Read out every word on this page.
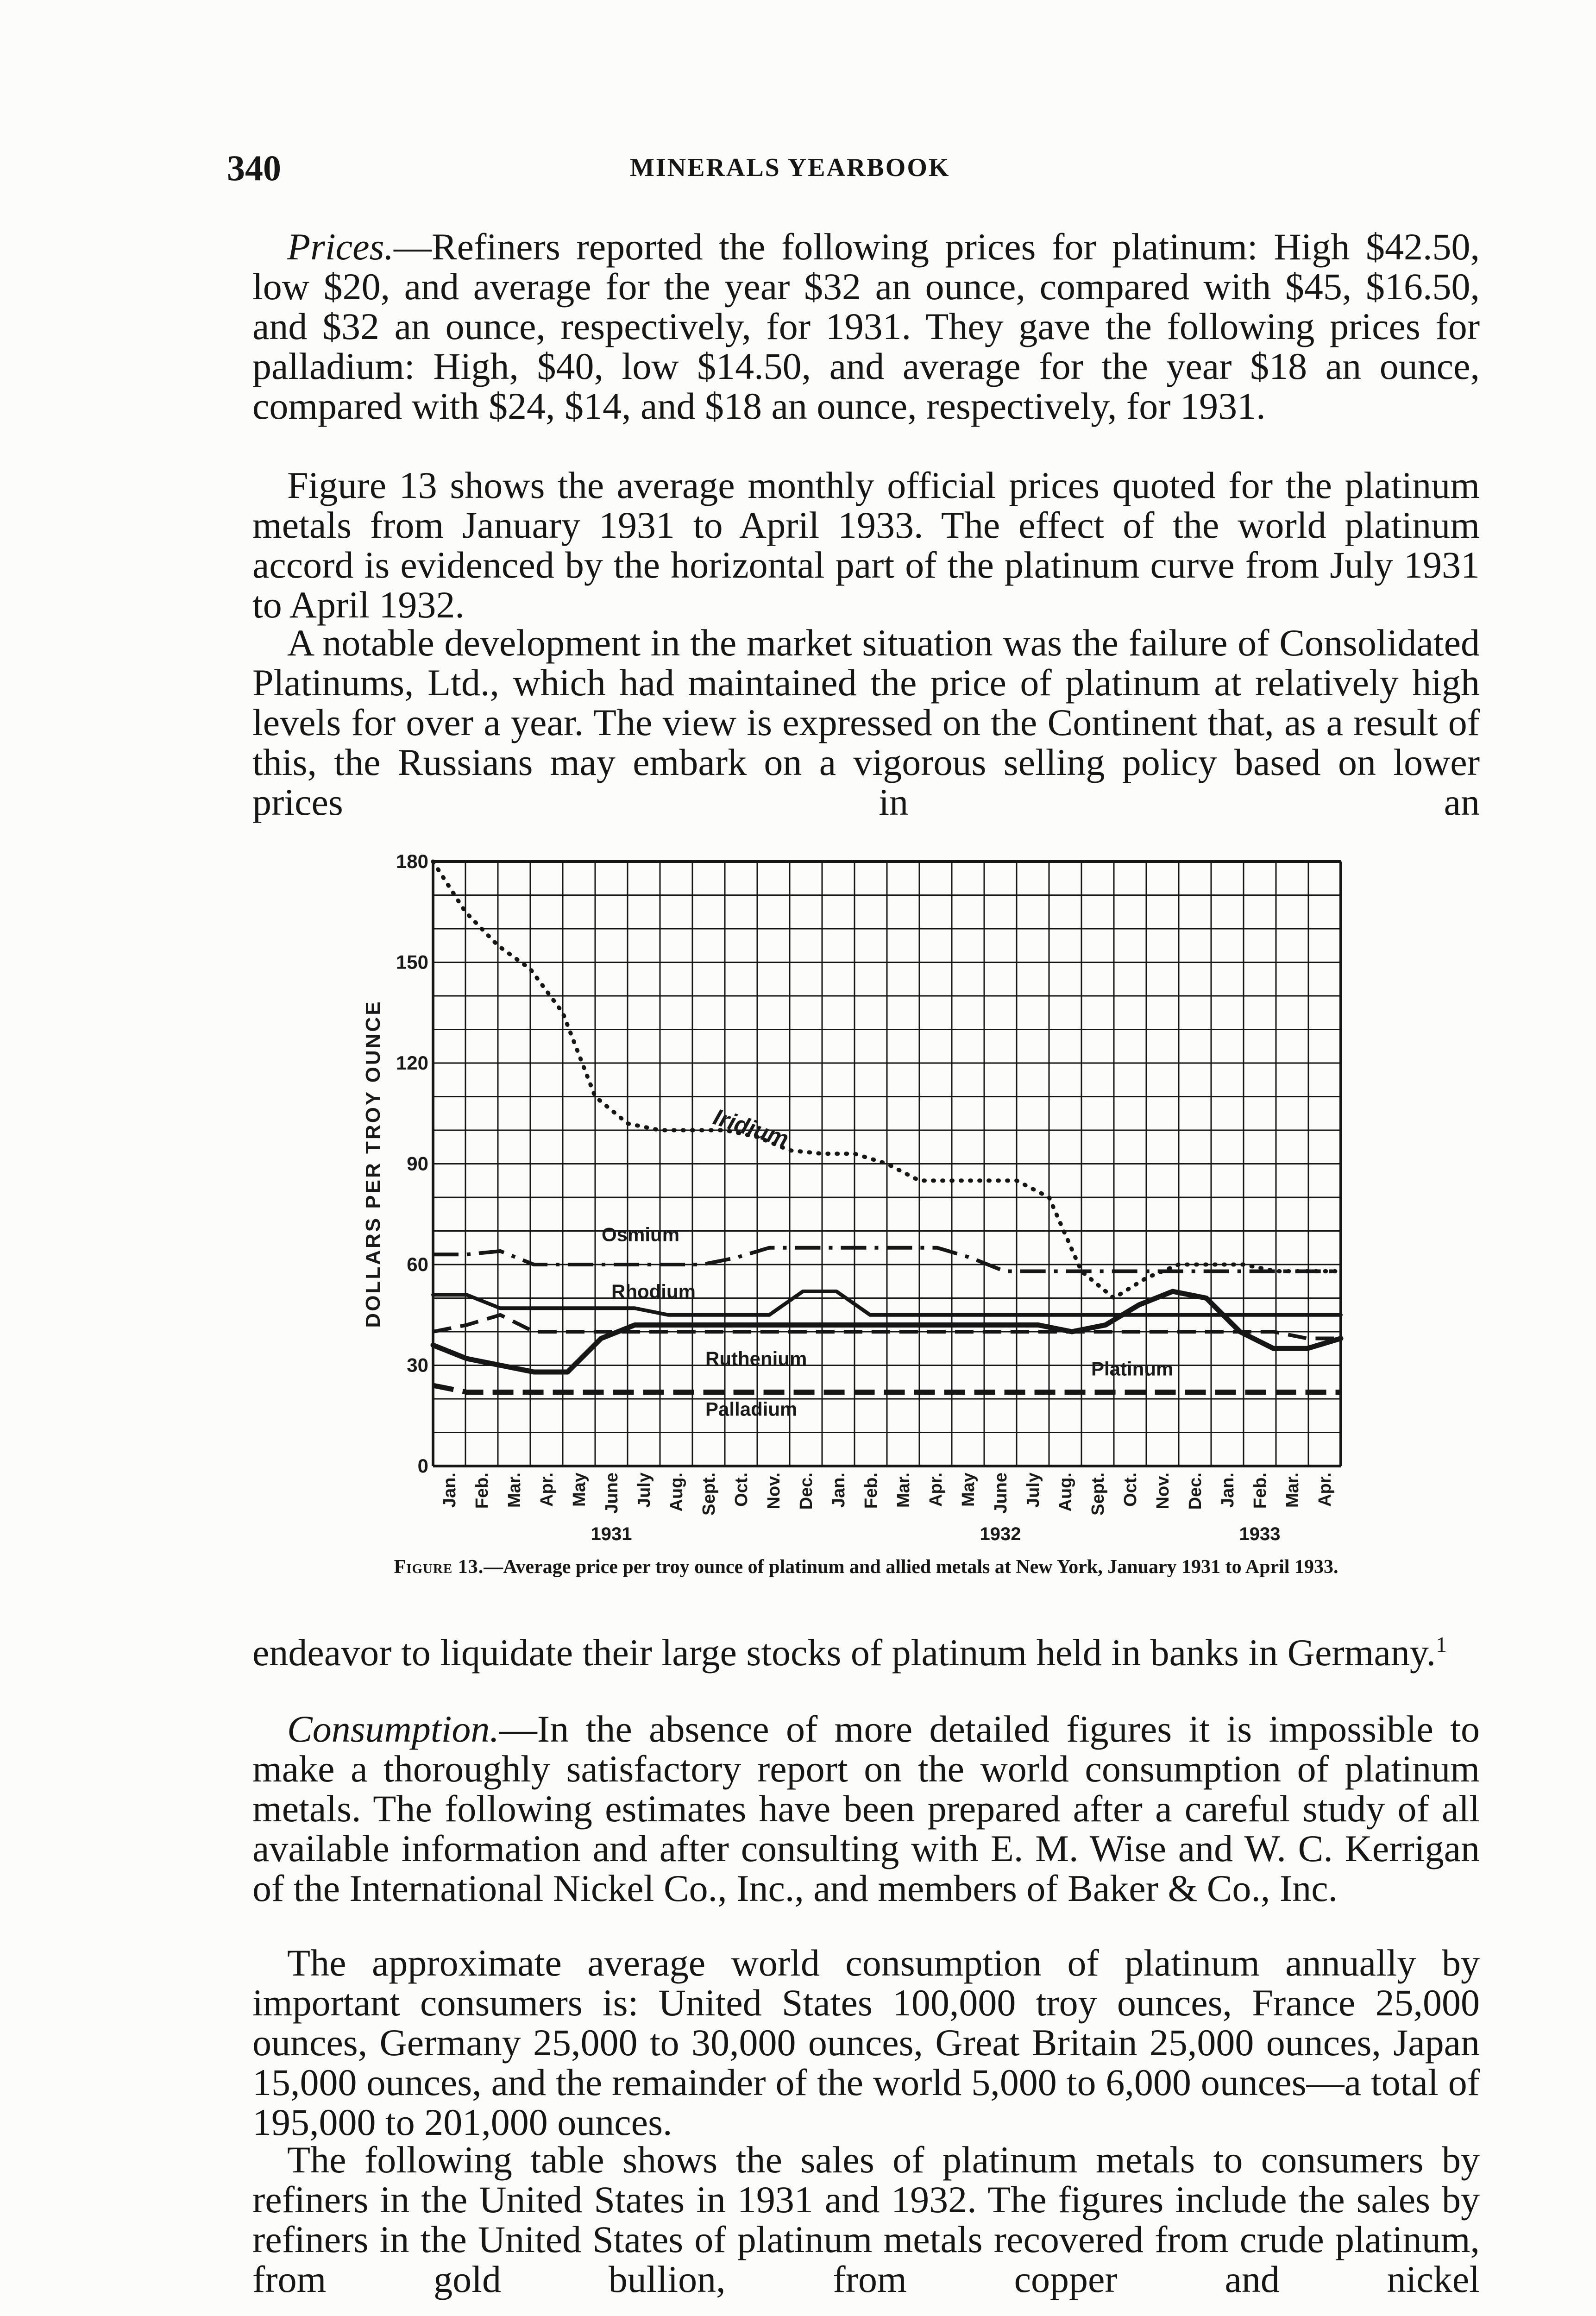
340	MINERALS YEARBOOK

Prices.—Refiners reported the following prices for platinum: High $42.50, low $20, and average for the year $32 an ounce, compared with $45, $16.50, and $32 an ounce, respectively, for 1931. They gave the following prices for palladium: High, $40, low $14.50, and average for the year $18 an ounce, compared with $24, $14, and $18 an ounce, respectively, for 1931.

Figure 13 shows the average monthly official prices quoted for the platinum metals from January 1931 to April 1933. The effect of the world platinum accord is evidenced by the horizontal part of the platinum curve from July 1931 to April 1932.

A notable development in the market situation was the failure of Consolidated Platinums, Ltd., which had maintained the price of platinum at relatively high levels for over a year. The view is expressed on the Continent that, as a result of this, the Russians may embark on a vigorous selling policy based on lower prices in an

0
30
60
90
120
150
180
DOLLARS PER TROY OUNCE
Jan. Feb. Mar. Apr. May June July Aug. Sept. Oct. Nov. Dec. Jan. Feb. Mar. Apr. May June July Aug. Sept. Oct. Nov. Dec. Jan. Feb. Mar. Apr.
1931	1932	1933
Iridium
Osmium
Rhodium
Ruthenium	Platinum
Palladium
Figure 13.—Average price per troy ounce of platinum and allied metals at New York, January 1931 to April 1933.

endeavor to liquidate their large stocks of platinum held in banks in Germany.$^1$

Consumption.—In the absence of more detailed figures it is impossible to make a thoroughly satisfactory report on the world consumption of platinum metals. The following estimates have been prepared after a careful study of all available information and after consulting with E. M. Wise and W. C. Kerrigan of the International Nickel Co., Inc., and members of Baker & Co., Inc.

The approximate average world consumption of platinum annually by important consumers is: United States 100,000 troy ounces, France 25,000 ounces, Germany 25,000 to 30,000 ounces, Great Britain 25,000 ounces, Japan 15,000 ounces, and the remainder of the world 5,000 to 6,000 ounces—a total of 195,000 to 201,000 ounces.

The following table shows the sales of platinum metals to consumers by refiners in the United States in 1931 and 1932. The figures include the sales by refiners in the United States of platinum metals recovered from crude platinum, from gold bullion, from copper and nickel
